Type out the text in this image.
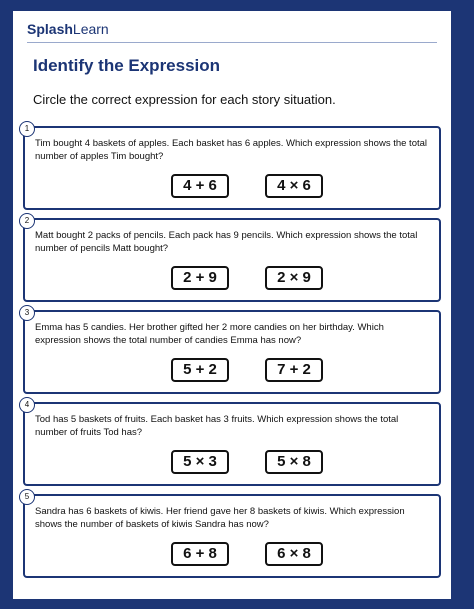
SplashLearn
Identify the Expression
Circle the correct expression for each story situation.
1
Tim bought 4 baskets of apples. Each basket has 6 apples. Which expression shows the total number of apples Tim bought?
4 + 6	4 × 6
2
Matt bought 2 packs of pencils. Each pack has 9 pencils. Which expression shows the total number of pencils Matt bought?
2 + 9	2 × 9
3
Emma has 5 candies. Her brother gifted her 2 more candies on her birthday. Which expression shows the total number of candies Emma has now?
5 + 2	7 + 2
4
Tod has 5 baskets of fruits. Each basket has 3 fruits. Which expression shows the total number of fruits Tod has?
5 × 3	5 × 8
5
Sandra has 6 baskets of kiwis. Her friend gave her 8 baskets of kiwis. Which expression shows the number of baskets of kiwis Sandra has now?
6 + 8	6 × 8
